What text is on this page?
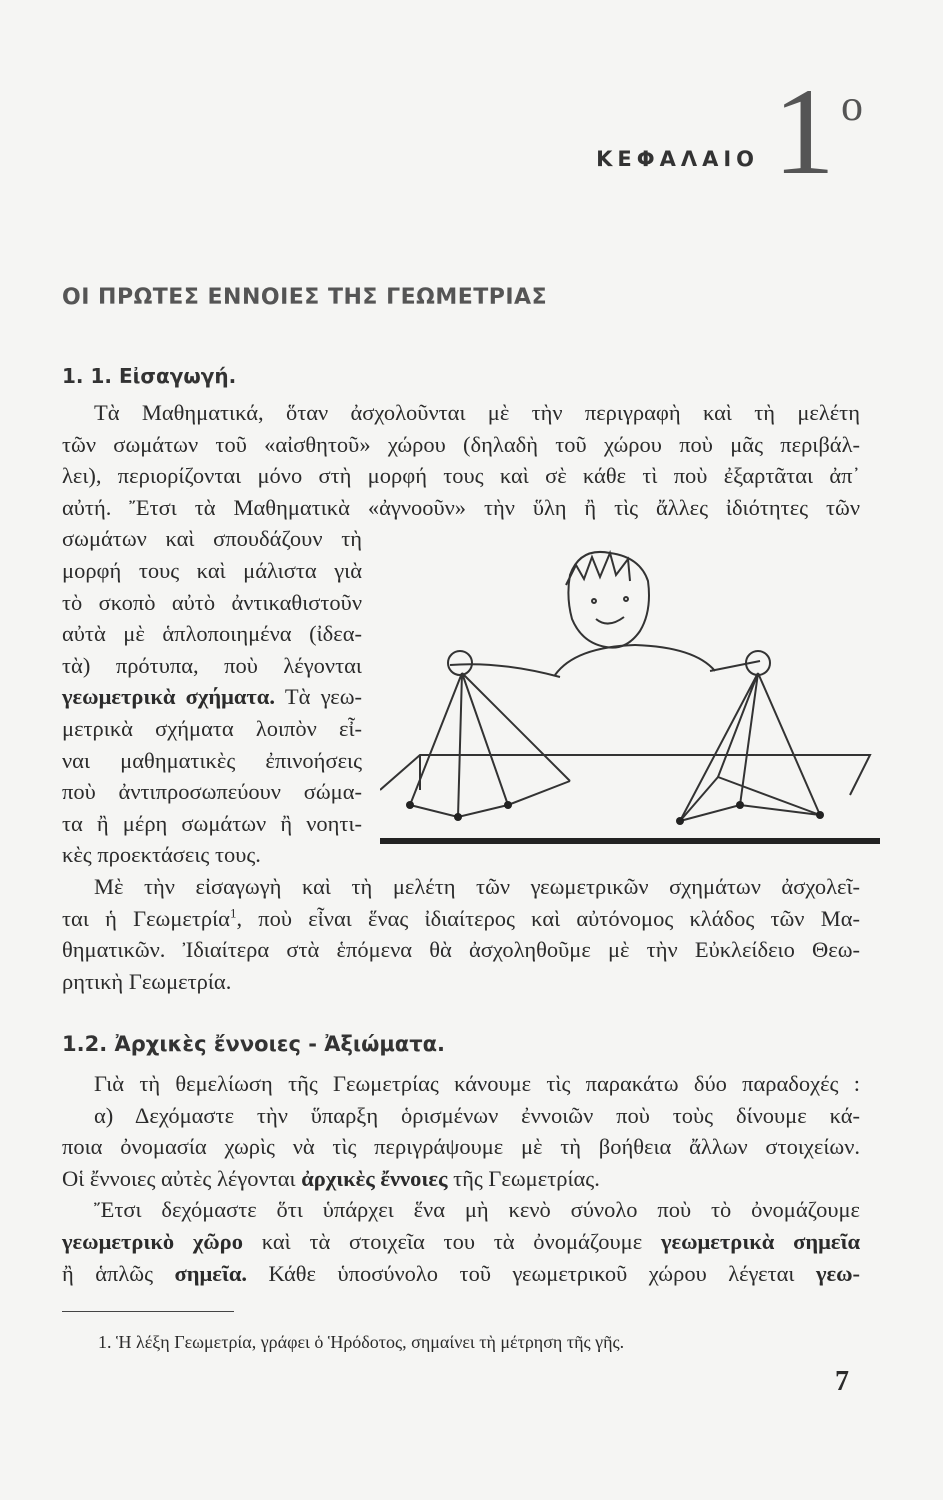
ΚΕΦΑΛΑΙΟ 1 ο
ΟΙ ΠΡΩΤΕΣ ΕΝΝΟΙΕΣ ΤΗΣ ΓΕΩΜΕΤΡΙΑΣ
1. 1. Εἰσαγωγή.
Τὰ Μαθηματικά, ὅταν ἀσχολοῦνται μὲ τὴν περιγραφὴ καὶ τὴ μελέτη
τῶν σωμάτων τοῦ «αἰσθητοῦ» χώρου (δηλαδὴ τοῦ χώρου ποὺ μᾶς περιβάλ-
λει), περιορίζονται μόνο στὴ μορφή τους καὶ σὲ κάθε τὶ ποὺ ἐξαρτᾶται ἀπ᾽
αὐτή. Ἔτσι τὰ Μαθηματικὰ «ἀγνοοῦν» τὴν ὕλη ἢ τὶς ἄλλες ἰδιότητες τῶν
σωμάτων καὶ σπουδάζουν τὴ
μορφή τους καὶ μάλιστα γιὰ
τὸ σκοπὸ αὐτὸ ἀντικαθιστοῦν
αὐτὰ μὲ ἁπλοποιημένα (ἰδεα-
τὰ) πρότυπα, ποὺ λέγονται
γεωμετρικὰ σχήματα. Τὰ γεω-
μετρικὰ σχήματα λοιπὸν εἶ-
ναι μαθηματικὲς ἐπινοήσεις
ποὺ ἀντιπροσωπεύουν σώμα-
τα ἢ μέρη σωμάτων ἢ νοητι-
κὲς προεκτάσεις τους.
Μὲ τὴν εἰσαγωγὴ καὶ τὴ μελέτη τῶν γεωμετρικῶν σχημάτων ἀσχολεῖ-
ται ἡ Γεωμετρία$^1$, ποὺ εἶναι ἕνας ἰδιαίτερος καὶ αὐτόνομος κλάδος τῶν Μα-
θηματικῶν. Ἰδιαίτερα στὰ ἑπόμενα θὰ ἀσχοληθοῦμε μὲ τὴν Εὐκλείδειο Θεω-
ρητικὴ Γεωμετρία.
1.2. Ἀρχικὲς ἔννοιες - Ἀξιώματα.
Γιὰ τὴ θεμελίωση τῆς Γεωμετρίας κάνουμε τὶς παρακάτω δύο παραδοχές :
α) Δεχόμαστε τὴν ὕπαρξη ὁρισμένων ἐννοιῶν ποὺ τοὺς δίνουμε κά-
ποια ὀνομασία χωρὶς νὰ τὶς περιγράψουμε μὲ τὴ βοήθεια ἄλλων στοιχείων.
Οἱ ἔννοιες αὐτὲς λέγονται ἀρχικὲς ἔννοιες τῆς Γεωμετρίας.
Ἔτσι δεχόμαστε ὅτι ὑπάρχει ἕνα μὴ κενὸ σύνολο ποὺ τὸ ὀνομάζουμε
γεωμετρικὸ χῶρο καὶ τὰ στοιχεῖα του τὰ ὀνομάζουμε γεωμετρικὰ σημεῖα
ἢ ἁπλῶς σημεῖα. Κάθε ὑποσύνολο τοῦ γεωμετρικοῦ χώρου λέγεται γεω-
1. Ἡ λέξη Γεωμετρία, γράφει ὁ Ἡρόδοτος, σημαίνει τὴ μέτρηση τῆς γῆς.
7
